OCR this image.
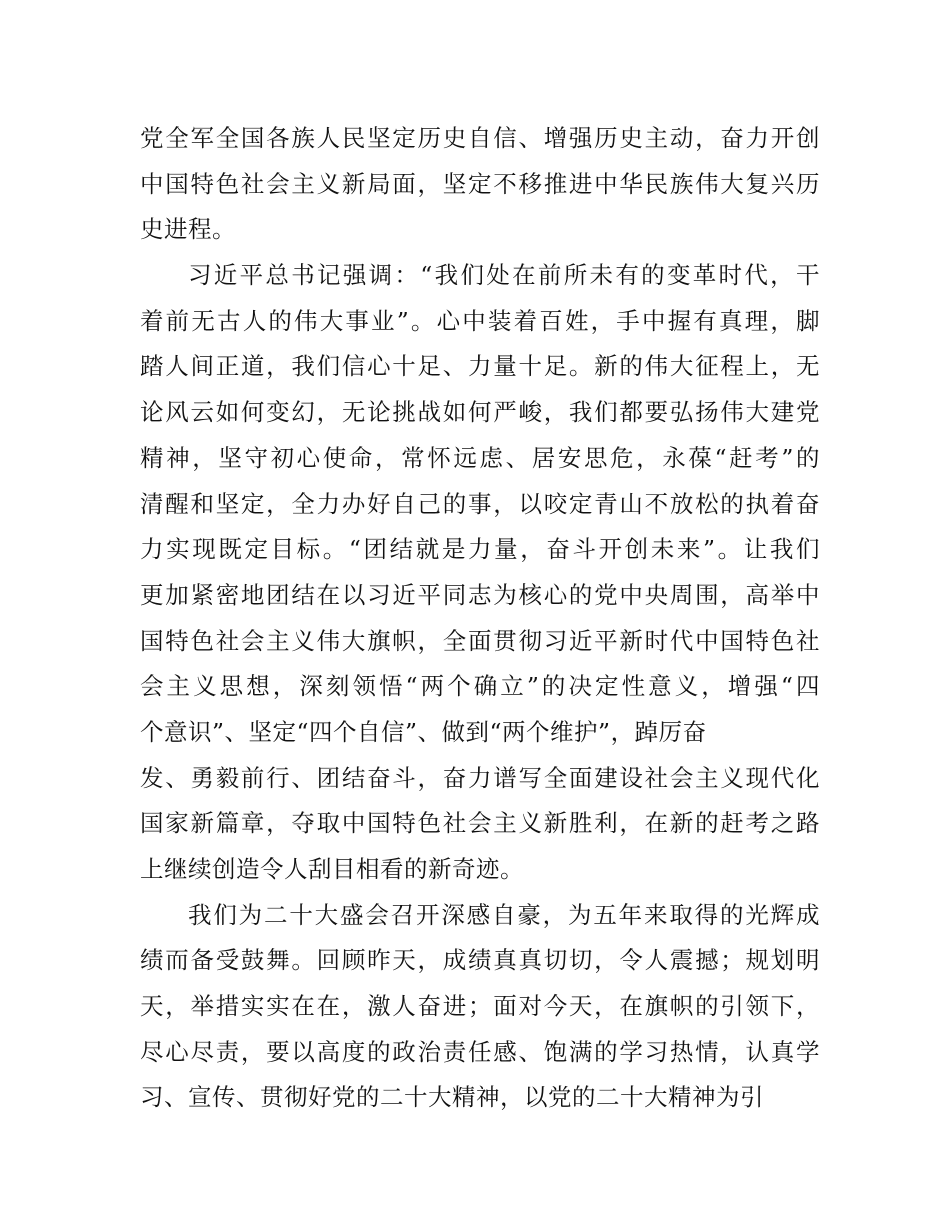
党全军全国各族人民坚定历史自信、增强历史主动，奋力开创
中国特色社会主义新局面，坚定不移推进中华民族伟大复兴历
史进程。
习近平总书记强调：“我们处在前所未有的变革时代，干
着前无古人的伟大事业”。心中装着百姓，手中握有真理，脚
踏人间正道，我们信心十足、力量十足。新的伟大征程上，无
论风云如何变幻，无论挑战如何严峻，我们都要弘扬伟大建党
精神，坚守初心使命，常怀远虑、居安思危，永葆“赶考”的
清醒和坚定，全力办好自己的事，以咬定青山不放松的执着奋
力实现既定目标。“团结就是力量，奋斗开创未来”。让我们
更加紧密地团结在以习近平同志为核心的党中央周围，高举中
国特色社会主义伟大旗帜，全面贯彻习近平新时代中国特色社
会主义思想，深刻领悟“两个确立”的决定性意义，增强“四
个意识”、坚定“四个自信”、做到“两个维护”，踔厉奋
发、勇毅前行、团结奋斗，奋力谱写全面建设社会主义现代化
国家新篇章，夺取中国特色社会主义新胜利，在新的赶考之路
上继续创造令人刮目相看的新奇迹。
我们为二十大盛会召开深感自豪，为五年来取得的光辉成
绩而备受鼓舞。回顾昨天，成绩真真切切，令人震撼；规划明
天，举措实实在在，激人奋进；面对今天，在旗帜的引领下，
尽心尽责，要以高度的政治责任感、饱满的学习热情，认真学
习、宣传、贯彻好党的二十大精神，以党的二十大精神为引
